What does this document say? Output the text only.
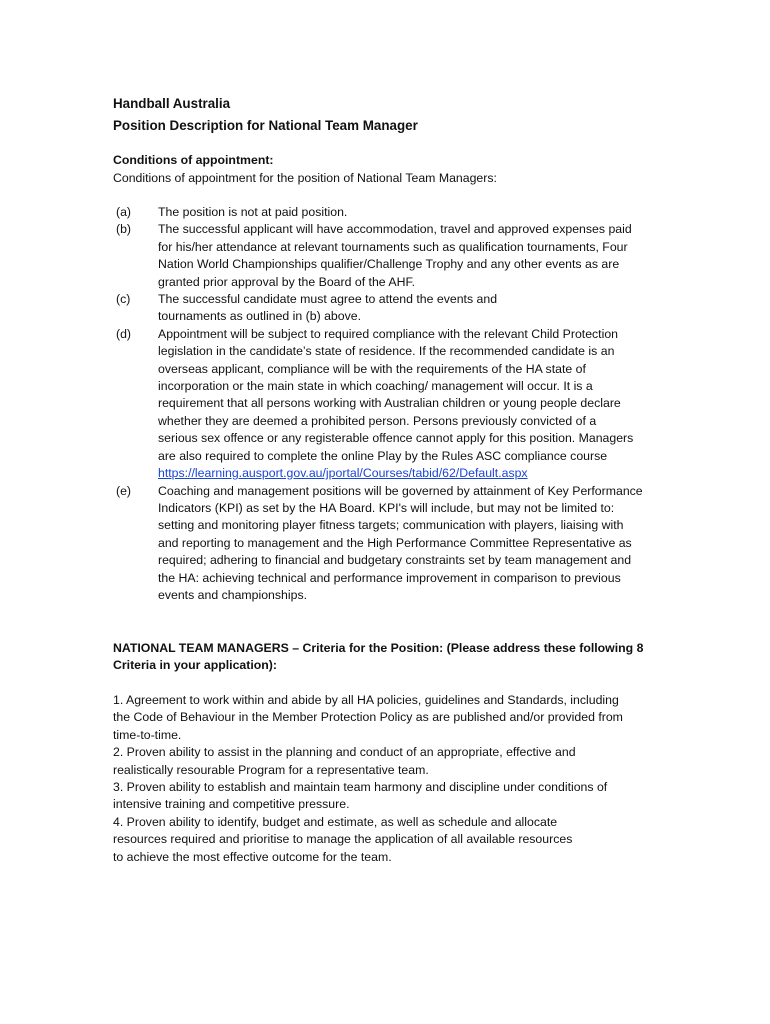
Handball Australia
Position Description for National Team Manager
Conditions of appointment:
Conditions of appointment for the position of National Team Managers:
(a)	The position is not at paid position.
(b)	The successful applicant will have accommodation, travel and approved expenses paid
for his/her attendance at relevant tournaments such as qualification tournaments, Four
Nation World Championships qualifier/Challenge Trophy and any other events as are
granted prior approval by the Board of the AHF.
(c)	The successful candidate must agree to attend the events and
tournaments as outlined in (b) above.
(d)	Appointment will be subject to required compliance with the relevant Child Protection
legislation in the candidate’s state of residence. If the recommended candidate is an
overseas applicant, compliance will be with the requirements of the HA state of
incorporation or the main state in which coaching/ management will occur. It is a
requirement that all persons working with Australian children or young people declare
whether they are deemed a prohibited person. Persons previously convicted of a
serious sex offence or any registerable offence cannot apply for this position. Managers
are also required to complete the online Play by the Rules ASC compliance course
https://learning.ausport.gov.au/jportal/Courses/tabid/62/Default.aspx
(e)	Coaching and management positions will be governed by attainment of Key Performance
Indicators (KPI) as set by the HA Board. KPI's will include, but may not be limited to:
setting and monitoring player fitness targets; communication with players, liaising with
and reporting to management and the High Performance Committee Representative as
required; adhering to financial and budgetary constraints set by team management and
the HA: achieving technical and performance improvement in comparison to previous
events and championships.
NATIONAL TEAM MANAGERS – Criteria for the Position: (Please address these following 8
Criteria in your application):
1. Agreement to work within and abide by all HA policies, guidelines and Standards, including
the Code of Behaviour in the Member Protection Policy as are published and/or provided from
time-to-time.
2. Proven ability to assist in the planning and conduct of an appropriate, effective and
realistically resourable Program for a representative team.
3. Proven ability to establish and maintain team harmony and discipline under conditions of
intensive training and competitive pressure.
4. Proven ability to identify, budget and estimate, as well as schedule and allocate
resources required and prioritise to manage the application of all available resources
to achieve the most effective outcome for the team.
